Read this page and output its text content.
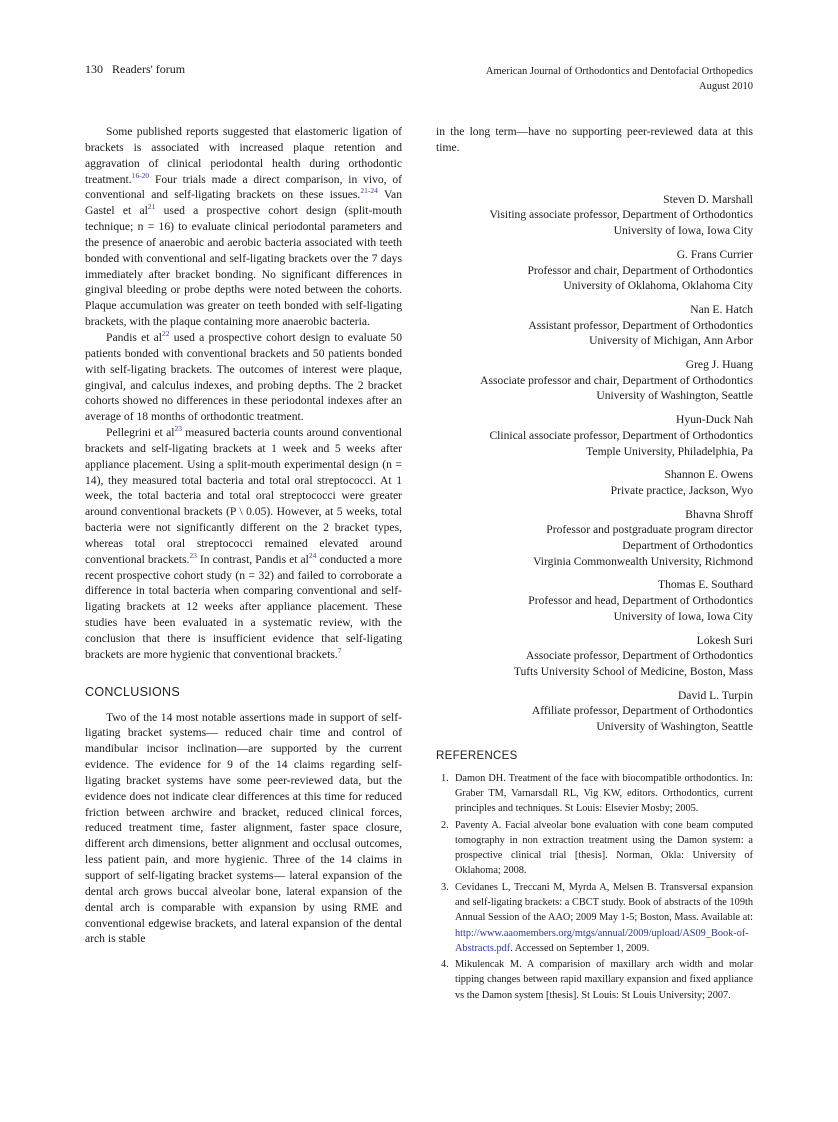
130 Readers' forum	American Journal of Orthodontics and Dentofacial Orthopedics
August 2010

Some published reports suggested that elastomeric ligation of brackets is associated with increased plaque retention and aggravation of clinical periodontal health during orthodontic treatment.$^{16-20}$ Four trials made a direct comparison, in vivo, of conventional and self-ligating brackets on these issues.$^{21-24}$ Van Gastel et $al^{21}$ used a prospective cohort design (split-mouth technique; n = 16) to evaluate clinical periodontal parameters and the presence of anaerobic and aerobic bacteria associated with teeth bonded with conventional and self-ligating brackets over the 7 days immediately after bracket bonding. No significant differences in gingival bleeding or probe depths were noted between the cohorts. Plaque accumulation was greater on teeth bonded with self-ligating brackets, with the plaque containing more anaerobic bacteria.

Pandis et $al^{22}$ used a prospective cohort design to evaluate 50 patients bonded with conventional brackets and 50 patients bonded with self-ligating brackets. The outcomes of interest were plaque, gingival, and calculus indexes, and probing depths. The 2 bracket cohorts showed no differences in these periodontal indexes after an average of 18 months of orthodontic treatment.

Pellegrini et $al^{23}$ measured bacteria counts around conventional brackets and self-ligating brackets at 1 week and 5 weeks after appliance placement. Using a split-mouth experimental design (n = 14), they measured total bacteria and total oral streptococci. At 1 week, the total bacteria and total oral streptococci were greater around conventional brackets (P \ 0.05). However, at 5 weeks, total bacteria were not significantly different on the 2 bracket types, whereas total oral streptococci remained elevated around conventional brackets.$^{23}$ In contrast, Pandis et $al^{24}$ conducted a more recent prospective cohort study (n = 32) and failed to corroborate a difference in total bacteria when comparing conventional and self-ligating brackets at 12 weeks after appliance placement. These studies have been evaluated in a systematic review, with the conclusion that there is insufficient evidence that self-ligating brackets are more hygienic that conventional brackets.$^7$

CONCLUSIONS

Two of the 14 most notable assertions made in support of self-ligating bracket systems— reduced chair time and control of mandibular incisor inclination—are supported by the current evidence. The evidence for 9 of the 14 claims regarding self-ligating bracket systems have some peer-reviewed data, but the evidence does not indicate clear differences at this time for reduced friction between archwire and bracket, reduced clinical forces, reduced treatment time, faster alignment, faster space closure, different arch dimensions, better alignment and occlusal outcomes, less patient pain, and more hygienic. Three of the 14 claims in support of self-ligating bracket systems— lateral expansion of the dental arch grows buccal alveolar bone, lateral expansion of the dental arch is comparable with expansion by using RME and conventional edgewise brackets, and lateral expansion of the dental arch is stable

in the long term—have no supporting peer-reviewed data at this time.

Steven D. Marshall
Visiting associate professor, Department of Orthodontics
University of Iowa, Iowa City
G. Frans Currier
Professor and chair, Department of Orthodontics
University of Oklahoma, Oklahoma City
Nan E. Hatch
Assistant professor, Department of Orthodontics
University of Michigan, Ann Arbor
Greg J. Huang
Associate professor and chair, Department of Orthodontics
University of Washington, Seattle
Hyun-Duck Nah
Clinical associate professor, Department of Orthodontics
Temple University, Philadelphia, Pa
Shannon E. Owens
Private practice, Jackson, Wyo
Bhavna Shroff
Professor and postgraduate program director
Department of Orthodontics
Virginia Commonwealth University, Richmond
Thomas E. Southard
Professor and head, Department of Orthodontics
University of Iowa, Iowa City
Lokesh Suri
Associate professor, Department of Orthodontics
Tufts University School of Medicine, Boston, Mass
David L. Turpin
Affiliate professor, Department of Orthodontics
University of Washington, Seattle
REFERENCES
1. Damon DH. Treatment of the face with biocompatible orthodontics. In: Graber TM, Varnarsdall RL, Vig KW, editors. Orthodontics, current principles and techniques. St Louis: Elsevier Mosby; 2005.
2. Paventy A. Facial alveolar bone evaluation with cone beam computed tomography in non extraction treatment using the Damon system: a prospective clinical trial [thesis]. Norman, Okla: University of Oklahoma; 2008.
3. Cevidanes L, Treccani M, Myrda A, Melsen B. Transversal expansion and self-ligating brackets: a CBCT study. Book of abstracts of the 109th Annual Session of the AAO; 2009 May 1-5; Boston, Mass. Available at: http://www.aaomembers.org/mtgs/annual/2009/upload/AS09_Book-of-Abstracts.pdf. Accessed on September 1, 2009.
4. Mikulencak M. A comparision of maxillary arch width and molar tipping changes between rapid maxillary expansion and fixed appliance vs the Damon system [thesis]. St Louis: St Louis University; 2007.
